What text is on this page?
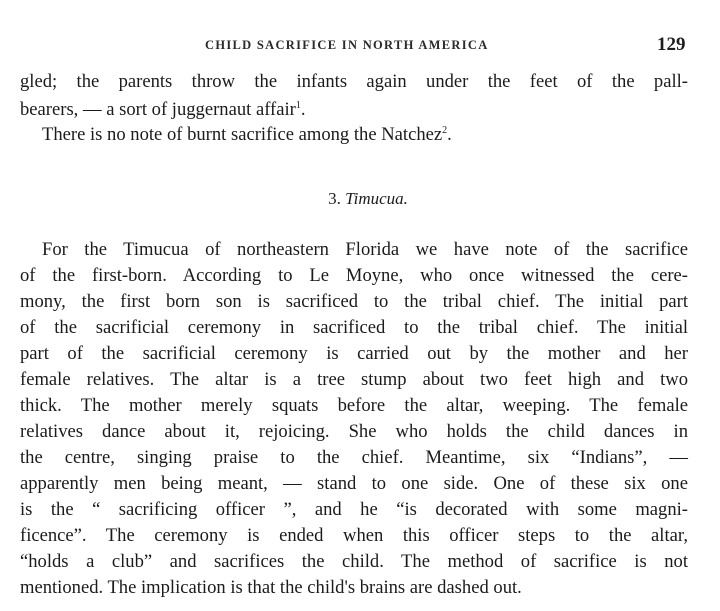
CHILD SACRIFICE IN NORTH AMERICA	129
gled; the parents throw the infants again under the feet of the pall-
bearers, — a sort of juggernaut affair$^1$.
There is no note of burnt sacrifice among the Natchez$^2$.
3. Timucua.
For the Timucua of northeastern Florida we have note of the sacrifice
of the first-born. According to Le Moyne, who once witnessed the cere-
mony, the first born son is sacrificed to the tribal chief. The initial part
of the sacrificial ceremony in sacrificed to the tribal chief. The initial
part of the sacrificial ceremony is carried out by the mother and her
female relatives. The altar is a tree stump about two feet high and two
thick. The mother merely squats before the altar, weeping. The female
relatives dance about it, rejoicing. She who holds the child dances in
the centre, singing praise to the chief. Meantime, six “Indians”, —
apparently men being meant, — stand to one side. One of these six one
is the “ sacrificing officer ”, and he “is decorated with some magni-
ficence”. The ceremony is ended when this officer steps to the altar,
“holds a club” and sacrifices the child. The method of sacrifice is not
mentioned. The implication is that the child's brains are dashed out.
